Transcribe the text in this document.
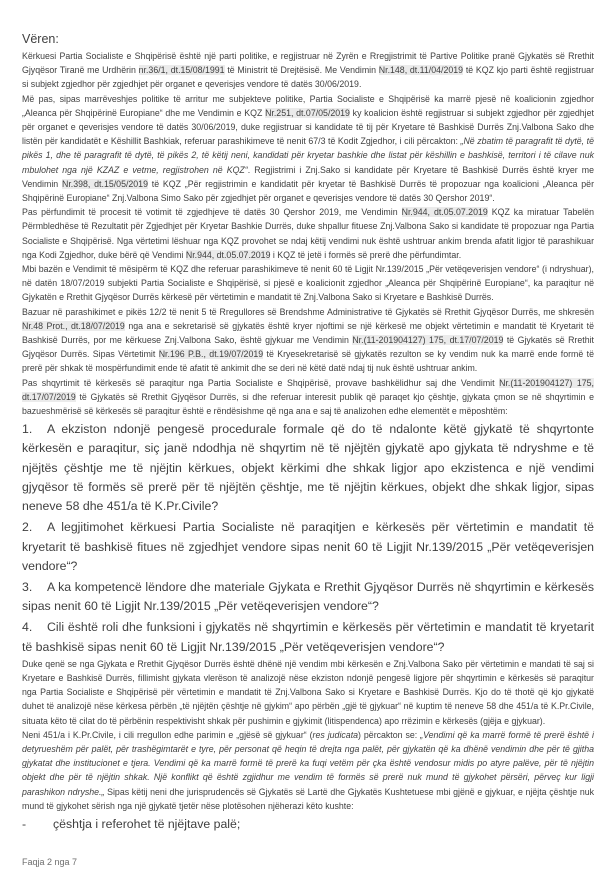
Vëren:

Kërkuesi Partia Socialiste e Shqipërisë është një parti politike, e regjistruar në Zyrën e Rregjistrimit të Partive Politike pranë Gjykatës së Rrethit Gjyqësor Tiranë me Urdhërin nr.36/1, dt.15/08/1991 të Ministrit të Drejtësisë. Me Vendimin Nr.148, dt.11/04/2019 të KQZ kjo parti është regjistruar si subjekt zgjedhor për zgjedhjet për organet e qeverisjes vendore të datës 30/06/2019.

Më pas, sipas marrëveshjes politike të arritur me subjekteve politike, Partia Socialiste e Shqipërisë ka marrë pjesë në koalicionin zgjedhor „Aleanca për Shqipërinë Europiane“ dhe me Vendimin e KQZ Nr.251, dt.07/05/2019 ky koalicion është regjistruar si subjekt zgjedhor për zgjedhjet për organet e qeverisjes vendore të datës 30/06/2019, duke regjistruar si kandidate të tij për Kryetare të Bashkisë Durrës Znj.Valbona Sako dhe listën për kandidatët e Këshillit Bashkiak, referuar parashikimeve të nenit 67/3 të Kodit Zgjedhor, i cili përcakton: „Në zbatim të paragrafit të dytë, të pikës 1, dhe të paragrafit të dytë, të pikës 2, të këtij neni, kandidati për kryetar bashkie dhe listat për këshillin e bashkisë, territori i të cilave nuk mbulohet nga një KZAZ e vetme, regjistrohen në KQZ“. Regjistrimi i Znj.Sako si kandidate për Kryetare të Bashkisë Durrës është kryer me Vendimin Nr.398, dt.15/05/2019 të KQZ „Për regjistrimin e kandidatit për kryetar të Bashkisë Durrës të propozuar nga koalicioni „Aleanca për Shqipërinë Europiane“ Znj.Valbona Simo Sako për zgjedhjet për organet e qeverisjes vendore të datës 30 Qershor 2019“.

Pas përfundimit të procesit të votimit të zgjedhjeve të datës 30 Qershor 2019, me Vendimin Nr.944, dt.05.07.2019 KQZ ka miratuar Tabelën Përmbledhëse të Rezultatit për Zgjedhjet për Kryetar Bashkie Durrës, duke shpallur fituese Znj.Valbona Sako si kandidate të propozuar nga Partia Socialiste e Shqipërisë. Nga vërtetimi lëshuar nga KQZ provohet se ndaj këtij vendimi nuk është ushtruar ankim brenda afatit ligjor të parashikuar nga Kodi Zgjedhor, duke bërë që Vendimi Nr.944, dt.05.07.2019 i KQZ të jetë i formës së prerë dhe përfundimtar.

Mbi bazën e Vendimit të mësipërm të KQZ dhe referuar parashikimeve të nenit 60 të Ligjit Nr.139/2015 „Për vetëqeverisjen vendore“ (i ndryshuar), në datën 18/07/2019 subjekti Partia Socialiste e Shqipërisë, si pjesë e koalicionit zgjedhor „Aleanca për Shqipërinë Europiane“, ka paraqitur në Gjykatën e Rrethit Gjyqësor Durrës kërkesë për vërtetimin e mandatit të Znj.Valbona Sako si Kryetare e Bashkisë Durrës.

Bazuar në parashikimet e pikës 12/2 të nenit 5 të Rregullores së Brendshme Administrative të Gjykatës së Rrethit Gjyqësor Durrës, me shkresën Nr.48 Prot., dt.18/07/2019 nga ana e sekretarisë së gjykatës është kryer njoftimi se një kërkesë me objekt vërtetimin e mandatit të Kryetarit të Bashkisë Durrës, por me kërkuese Znj.Valbona Sako, është gjykuar me Vendimin Nr.(11-201904127) 175, dt.17/07/2019 të Gjykatës së Rrethit Gjyqësor Durrës. Sipas Vërtetimit Nr.196 P.B., dt.19/07/2019 të Kryesekretarisë së gjykatës rezulton se ky vendim nuk ka marrë ende formë të prerë për shkak të mospërfundimit ende të afatit të ankimit dhe se deri në këtë datë ndaj tij nuk është ushtruar ankim.

Pas shqyrtimit të kërkesës së paraqitur nga Partia Socialiste e Shqipërisë, provave bashkëlidhur saj dhe Vendimit Nr.(11-201904127) 175, dt.17/07/2019 të Gjykatës së Rrethit Gjyqësor Durrës, si dhe referuar interesit publik që paraqet kjo çështje, gjykata çmon se në shqyrtimin e bazueshmërisë së kërkesës së paraqitur është e rëndësishme që nga ana e saj të analizohen edhe elementët e mëposhtëm:

1. A ekziston ndonjë pengesë procedurale formale që do të ndalonte këtë gjykatë të shqyrtonte kërkesën e paraqitur, siç janë ndodhja në shqyrtim në të njëjtën gjykatë apo gjykata të ndryshme e të njëjtës çështje me të njëjtin kërkues, objekt kërkimi dhe shkak ligjor apo ekzistenca e një vendimi gjyqësor të formës së prerë për të njëjtën çështje, me të njëjtin kërkues, objekt dhe shkak ligjor, sipas neneve 58 dhe 451/a të K.Pr.Civile?

2. A legjitimohet kërkuesi Partia Socialiste në paraqitjen e kërkesës për vërtetimin e mandatit të kryetarit të bashkisë fitues në zgjedhjet vendore sipas nenit 60 të Ligjit Nr.139/2015 „Për vetëqeverisjen vendore“?

3. A ka kompetencë lëndore dhe materiale Gjykata e Rrethit Gjyqësor Durrës në shqyrtimin e kërkesës sipas nenit 60 të Ligjit Nr.139/2015 „Për vetëqeverisjen vendore“?

4. Cili është roli dhe funksioni i gjykatës në shqyrtimin e kërkesës për vërtetimin e mandatit të kryetarit të bashkisë sipas nenit 60 të Ligjit Nr.139/2015 „Për vetëqeverisjen vendore“?

Duke qenë se nga Gjykata e Rrethit Gjyqësor Durrës është dhënë një vendim mbi kërkesën e Znj.Valbona Sako për vërtetimin e mandati të saj si Kryetare e Bashkisë Durrës, fillimisht gjykata vlerëson të analizojë nëse ekziston ndonjë pengesë ligjore për shqyrtimin e kërkesës së paraqitur nga Partia Socialiste e Shqipërisë për vërtetimin e mandatit të Znj.Valbona Sako si Kryetare e Bashkisë Durrës. Kjo do të thotë që kjo gjykatë duhet të analizojë nëse kërkesa përbën „të njëjtën çështje në gjykim“ apo përbën „gjë të gjykuar“ në kuptim të neneve 58 dhe 451/a të K.Pr.Civile, situata këto të cilat do të përbënin respektivisht shkak për pushimin e gjykimit (litispendenca) apo rrëzimin e kërkesës (gjëja e gjykuar).

Neni 451/a i K.Pr.Civile, i cili rregullon edhe parimin e „gjësë së gjykuar“ (res judicata) përcakton se: „Vendimi që ka marrë formë të prerë është i detyrueshëm për palët, për trashëgimtarët e tyre, për personat që heqin të drejta nga palët, për gjykatën që ka dhënë vendimin dhe për të gjitha gjykatat dhe institucionet e tjera. Vendimi që ka marrë formë të prerë ka fuqi vetëm për çka është vendosur midis po atyre palëve, për të njëjtin objekt dhe për të njëjtin shkak. Një konflikt që është zgjidhur me vendim të formës së prerë nuk mund të gjykohet përsëri, përveç kur ligji parashikon ndryshe.„ Sipas këtij neni dhe jurisprudencës së Gjykatës së Lartë dhe Gjykatës Kushtetuese mbi gjënë e gjykuar, e njëjta çështje nuk mund të gjykohet sërish nga një gjykatë tjetër nëse plotësohen njëherazi këto kushte:

- çështja i referohet të njëjtave palë;

Faqja 2 nga 7
